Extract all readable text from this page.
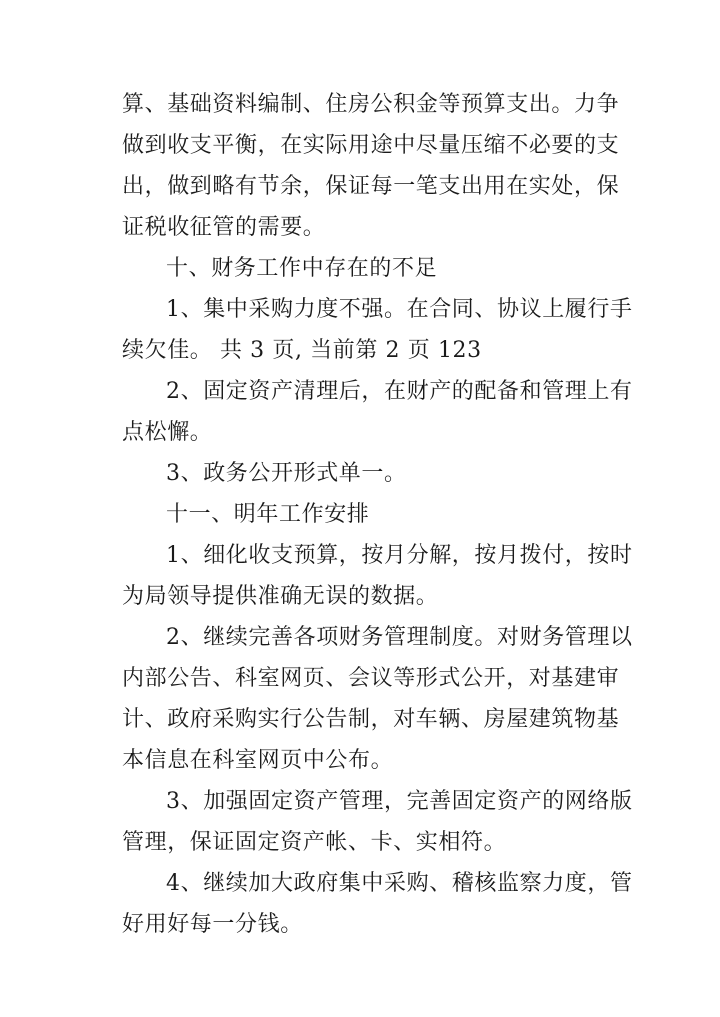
算、基础资料编制、住房公积金等预算支出。力争
做到收支平衡，在实际用途中尽量压缩不必要的支
出，做到略有节余，保证每一笔支出用在实处，保
证税收征管的需要。
十、财务工作中存在的不足
1、集中采购力度不强。在合同、协议上履行手
续欠佳。 共 3 页, 当前第 2 页 123
2、固定资产清理后，在财产的配备和管理上有
点松懈。
3、政务公开形式单一。
十一、明年工作安排
1、细化收支预算，按月分解，按月拨付，按时
为局领导提供准确无误的数据。
2、继续完善各项财务管理制度。对财务管理以
内部公告、科室网页、会议等形式公开，对基建审
计、政府采购实行公告制，对车辆、房屋建筑物基
本信息在科室网页中公布。
3、加强固定资产管理，完善固定资产的网络版
管理，保证固定资产帐、卡、实相符。
4、继续加大政府集中采购、稽核监察力度，管
好用好每一分钱。
